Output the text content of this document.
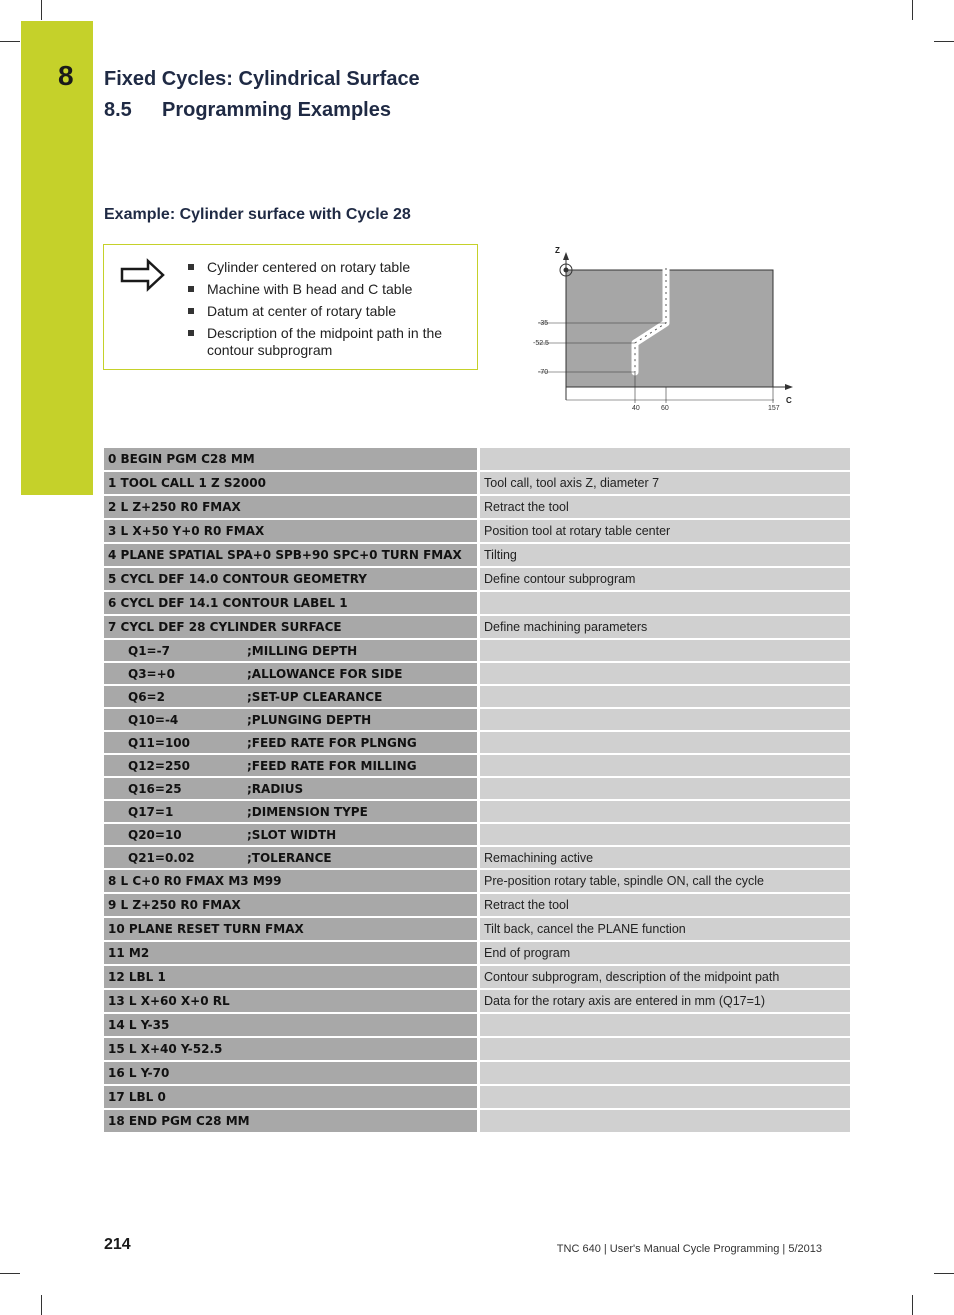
8 Fixed Cycles: Cylindrical Surface
8.5 Programming Examples
Example: Cylinder surface with Cycle 28
Cylinder centered on rotary table
Machine with B head and C table
Datum at center of rotary table
Description of the midpoint path in the contour subprogram
Z
C
-35
-52.5
-70
40	60	157
0 BEGIN PGM C28 MM	
1 TOOL CALL 1 Z S2000	Tool call, tool axis Z, diameter 7
2 L Z+250 R0 FMAX	Retract the tool
3 L X+50 Y+0 R0 FMAX	Position tool at rotary table center
4 PLANE SPATIAL SPA+0 SPB+90 SPC+0 TURN FMAX	Tilting
5 CYCL DEF 14.0 CONTOUR GEOMETRY	Define contour subprogram
6 CYCL DEF 14.1 CONTOUR LABEL 1	
7 CYCL DEF 28 CYLINDER SURFACE	Define machining parameters
Q1=-7 ;MILLING DEPTH	
Q3=+0 ;ALLOWANCE FOR SIDE	
Q6=2 ;SET-UP CLEARANCE	
Q10=-4 ;PLUNGING DEPTH	
Q11=100 ;FEED RATE FOR PLNGNG	
Q12=250 ;FEED RATE FOR MILLING	
Q16=25 ;RADIUS	
Q17=1 ;DIMENSION TYPE	
Q20=10 ;SLOT WIDTH	
Q21=0.02 ;TOLERANCE	Remachining active
8 L C+0 R0 FMAX M3 M99	Pre-position rotary table, spindle ON, call the cycle
9 L Z+250 R0 FMAX	Retract the tool
10 PLANE RESET TURN FMAX	Tilt back, cancel the PLANE function
11 M2	End of program
12 LBL 1	Contour subprogram, description of the midpoint path
13 L X+60 X+0 RL	Data for the rotary axis are entered in mm (Q17=1)
14 L Y-35	
15 L X+40 Y-52.5	
16 L Y-70	
17 LBL 0	
18 END PGM C28 MM	
214	TNC 640 | User's Manual Cycle Programming | 5/2013
